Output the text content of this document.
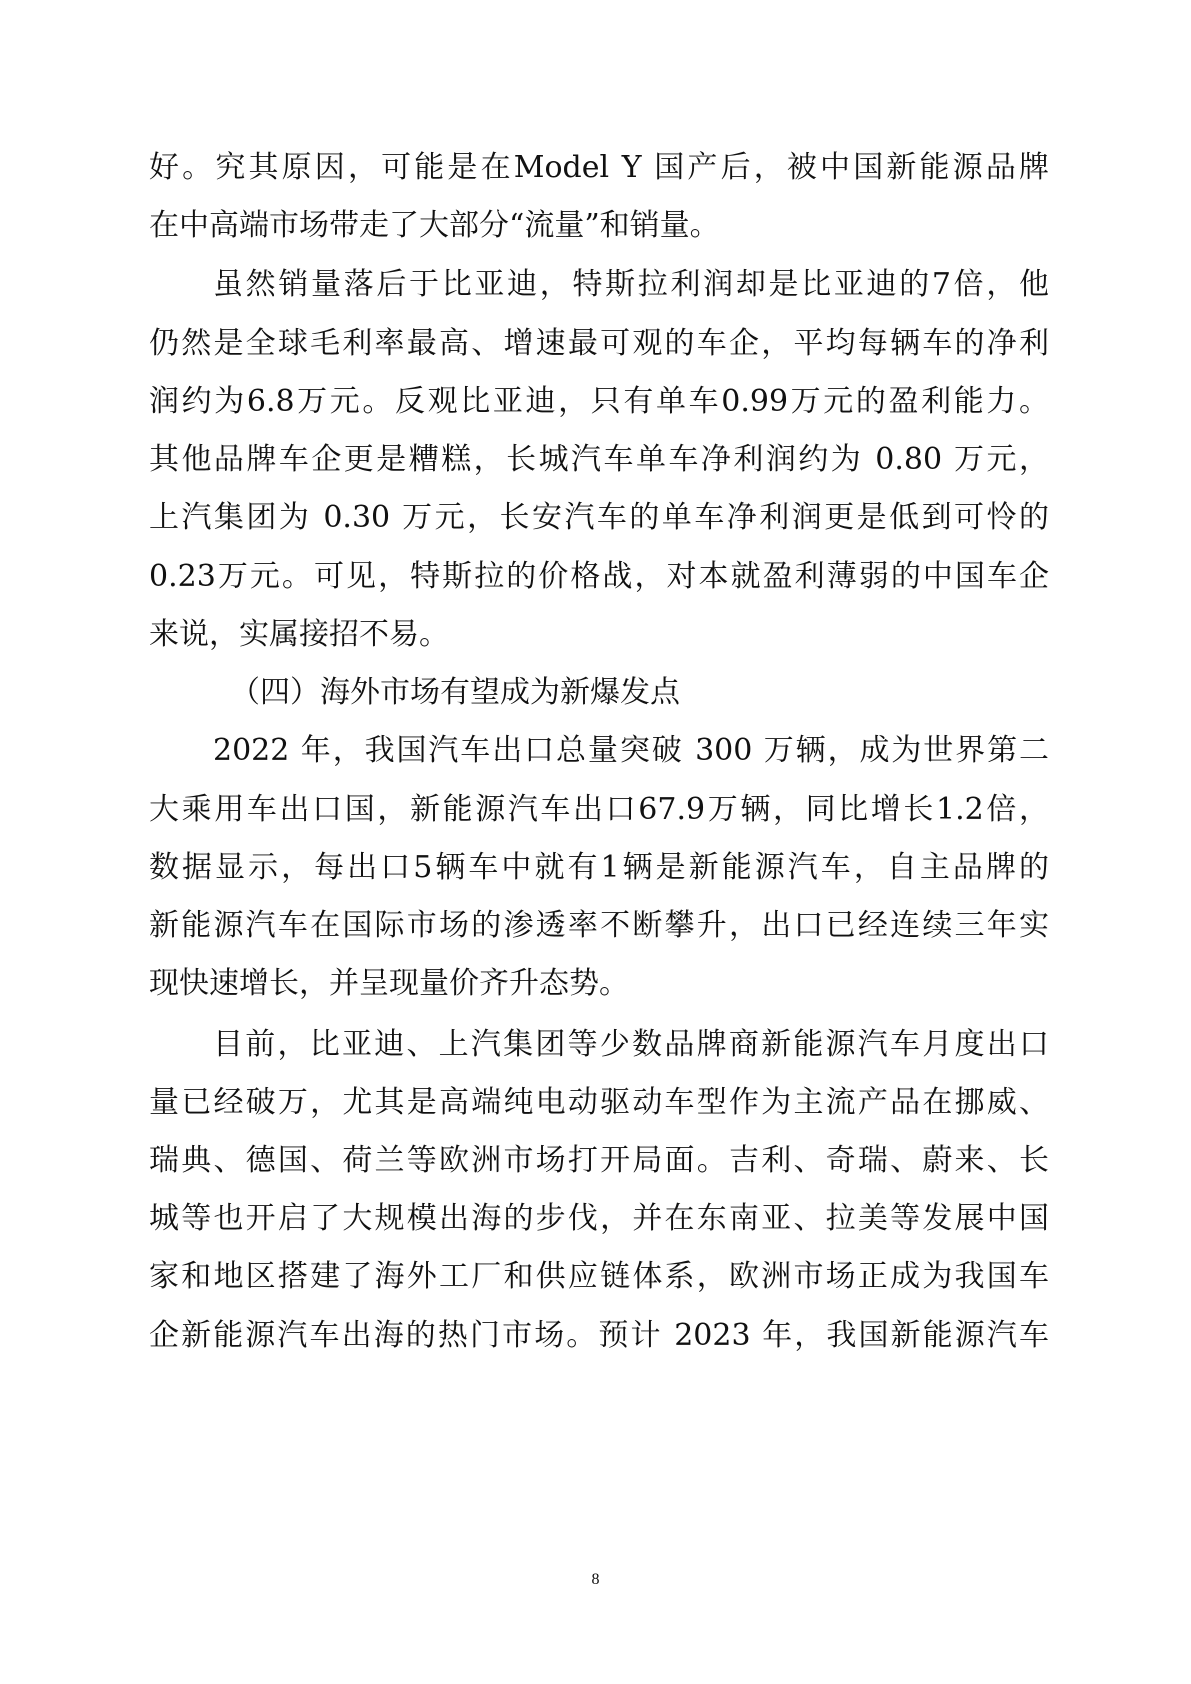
好。究其原因，可能是在Model Y 国产后，被中国新能源品牌
在中高端市场带走了大部分“流量”和销量。
虽然销量落后于比亚迪，特斯拉利润却是比亚迪的7倍，他
仍然是全球毛利率最高、增速最可观的车企，平均每辆车的净利
润约为6.8万元。反观比亚迪，只有单车0.99万元的盈利能力。
其他品牌车企更是糟糕，长城汽车单车净利润约为 0.80 万元，
上汽集团为 0.30 万元，长安汽车的单车净利润更是低到可怜的
0.23万元。可见，特斯拉的价格战，对本就盈利薄弱的中国车企
来说，实属接招不易。
（四）海外市场有望成为新爆发点
2022 年，我国汽车出口总量突破 300 万辆，成为世界第二
大乘用车出口国，新能源汽车出口67.9万辆，同比增长1.2倍，
数据显示，每出口5辆车中就有1辆是新能源汽车，自主品牌的
新能源汽车在国际市场的渗透率不断攀升，出口已经连续三年实
现快速增长，并呈现量价齐升态势。
目前，比亚迪、上汽集团等少数品牌商新能源汽车月度出口
量已经破万，尤其是高端纯电动驱动车型作为主流产品在挪威、
瑞典、德国、荷兰等欧洲市场打开局面。吉利、奇瑞、蔚来、长
城等也开启了大规模出海的步伐，并在东南亚、拉美等发展中国
家和地区搭建了海外工厂和供应链体系，欧洲市场正成为我国车
企新能源汽车出海的热门市场。预计 2023 年，我国新能源汽车
8
